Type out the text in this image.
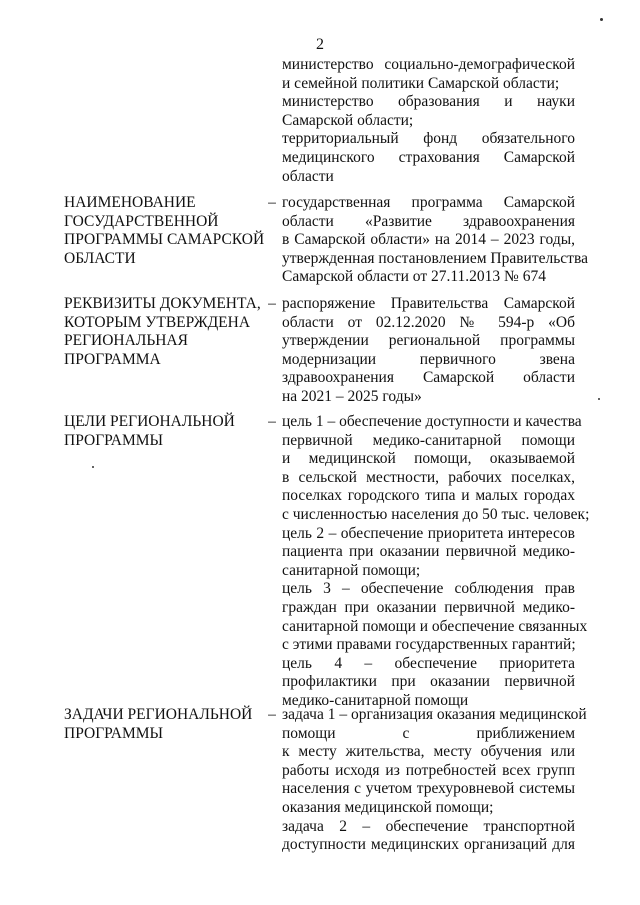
2
министерство социально-демографической
и семейной политики Самарской области;
министерство образования и науки
Самарской области;
территориальный фонд обязательного
медицинского страхования Самарской
области
НАИМЕНОВАНИЕ
ГОСУДАРСТВЕННОЙ
ПРОГРАММЫ САМАРСКОЙ
ОБЛАСТИ
– государственная программа Самарской
области «Развитие здравоохранения
в Самарской области» на 2014 – 2023 годы,
утвержденная постановлением Правительства
Самарской области от 27.11.2013 № 674
РЕКВИЗИТЫ ДОКУМЕНТА,
КОТОРЫМ УТВЕРЖДЕНА
РЕГИОНАЛЬНАЯ
ПРОГРАММА
– распоряжение Правительства Самарской
области от 02.12.2020 № 594-р «Об
утверждении региональной программы
модернизации первичного звена
здравоохранения Самарской области
на 2021 – 2025 годы»
ЦЕЛИ РЕГИОНАЛЬНОЙ
ПРОГРАММЫ
– цель 1 – обеспечение доступности и качества
первичной медико-санитарной помощи
и медицинской помощи, оказываемой
в сельской местности, рабочих поселках,
поселках городского типа и малых городах
с численностью населения до 50 тыс. человек;
цель 2 – обеспечение приоритета интересов
пациента при оказании первичной медико-
санитарной помощи;
цель 3 – обеспечение соблюдения прав
граждан при оказании первичной медико-
санитарной помощи и обеспечение связанных
с этими правами государственных гарантий;
цель 4 – обеспечение приоритета
профилактики при оказании первичной
медико-санитарной помощи
ЗАДАЧИ РЕГИОНАЛЬНОЙ
ПРОГРАММЫ
– задача 1 – организация оказания медицинской
помощи с приближением
к месту жительства, месту обучения или
работы исходя из потребностей всех групп
населения с учетом трехуровневой системы
оказания медицинской помощи;
задача 2 – обеспечение транспортной
доступности медицинских организаций для
